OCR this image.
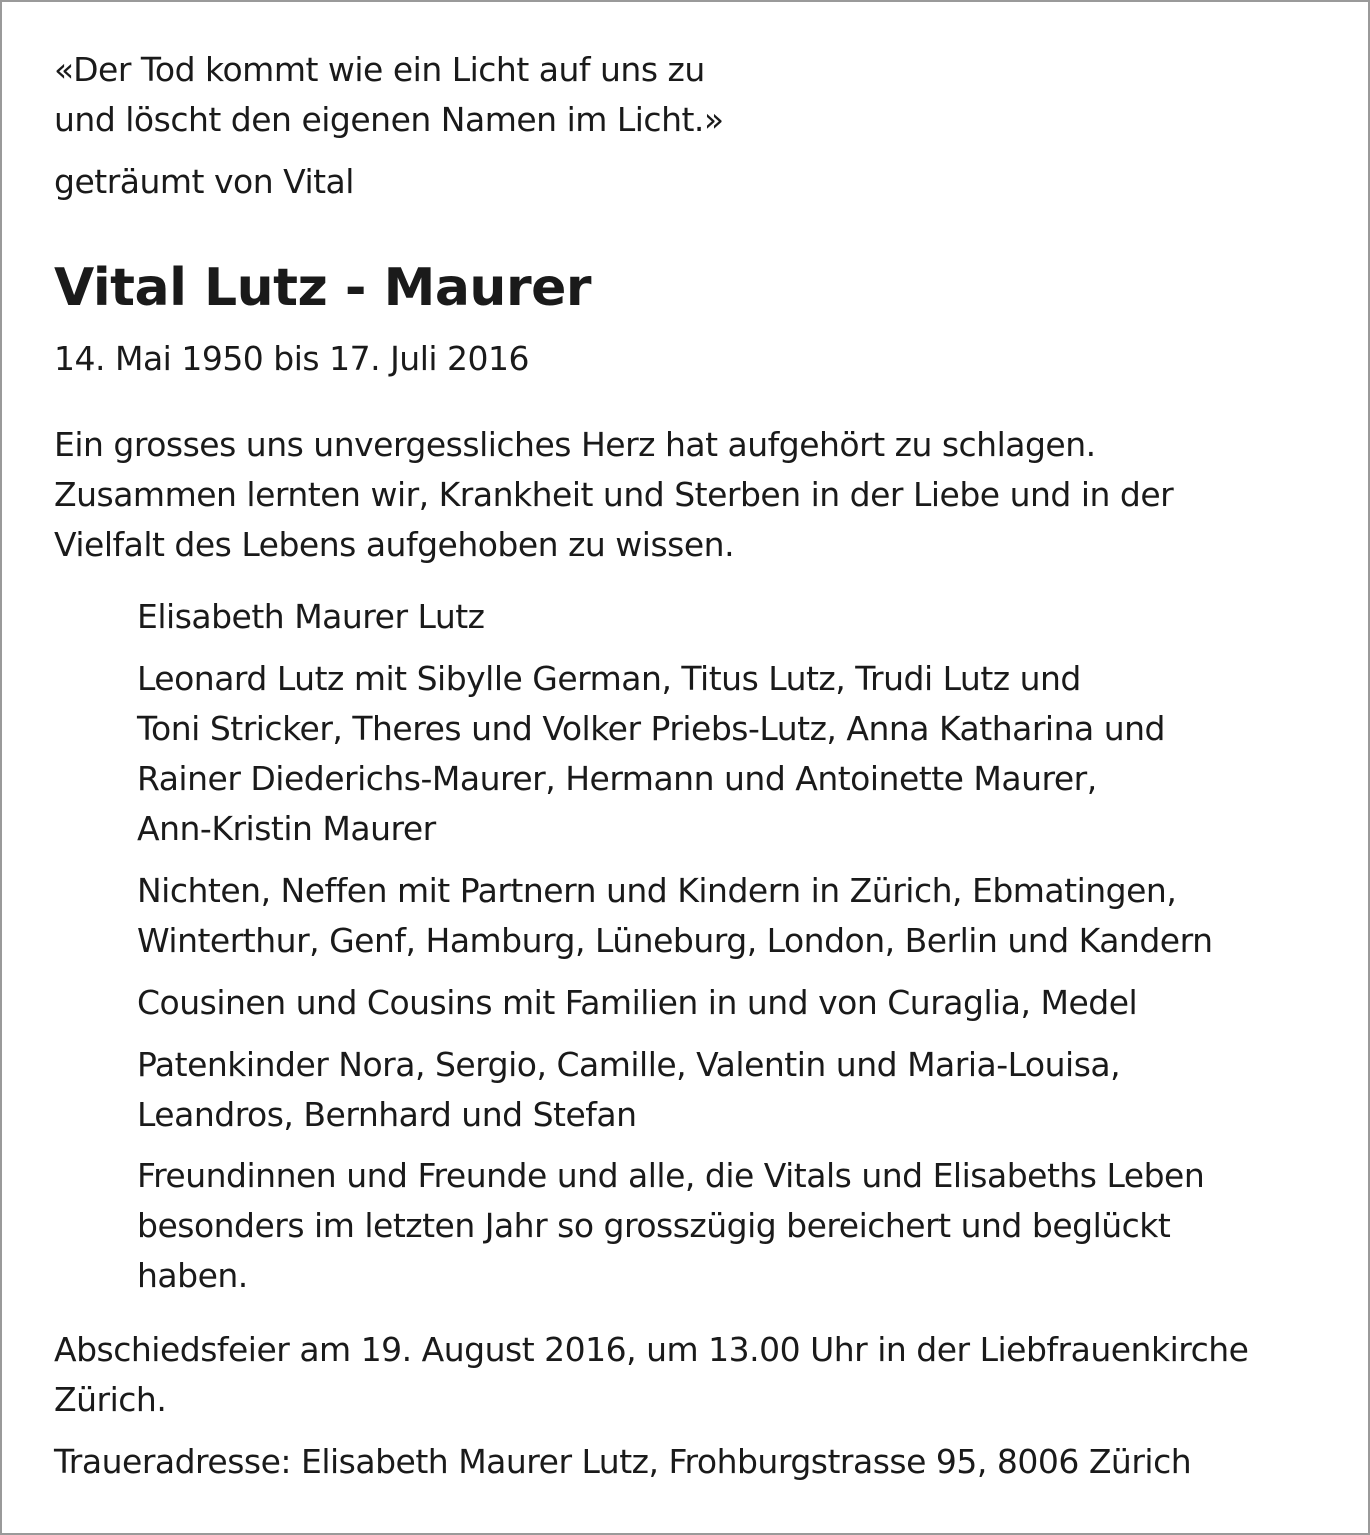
«Der Tod kommt wie ein Licht auf uns zu
und löscht den eigenen Namen im Licht.»
geträumt von Vital
Vital Lutz - Maurer
14. Mai 1950 bis 17. Juli 2016
Ein grosses uns unvergessliches Herz hat aufgehört zu schlagen.
Zusammen lernten wir, Krankheit und Sterben in der Liebe und in der
Vielfalt des Lebens aufgehoben zu wissen.
Elisabeth Maurer Lutz
Leonard Lutz mit Sibylle German, Titus Lutz, Trudi Lutz und
Toni Stricker, Theres und Volker Priebs-Lutz, Anna Katharina und
Rainer Diederichs-Maurer, Hermann und Antoinette Maurer,
Ann-Kristin Maurer
Nichten, Neffen mit Partnern und Kindern in Zürich, Ebmatingen,
Winterthur, Genf, Hamburg, Lüneburg, London, Berlin und Kandern
Cousinen und Cousins mit Familien in und von Curaglia, Medel
Patenkinder Nora, Sergio, Camille, Valentin und Maria-Louisa,
Leandros, Bernhard und Stefan
Freundinnen und Freunde und alle, die Vitals und Elisabeths Leben
besonders im letzten Jahr so grosszügig bereichert und beglückt
haben.
Abschiedsfeier am 19. August 2016, um 13.00 Uhr in der Liebfrauenkirche
Zürich.
Traueradresse: Elisabeth Maurer Lutz, Frohburgstrasse 95, 8006 Zürich
